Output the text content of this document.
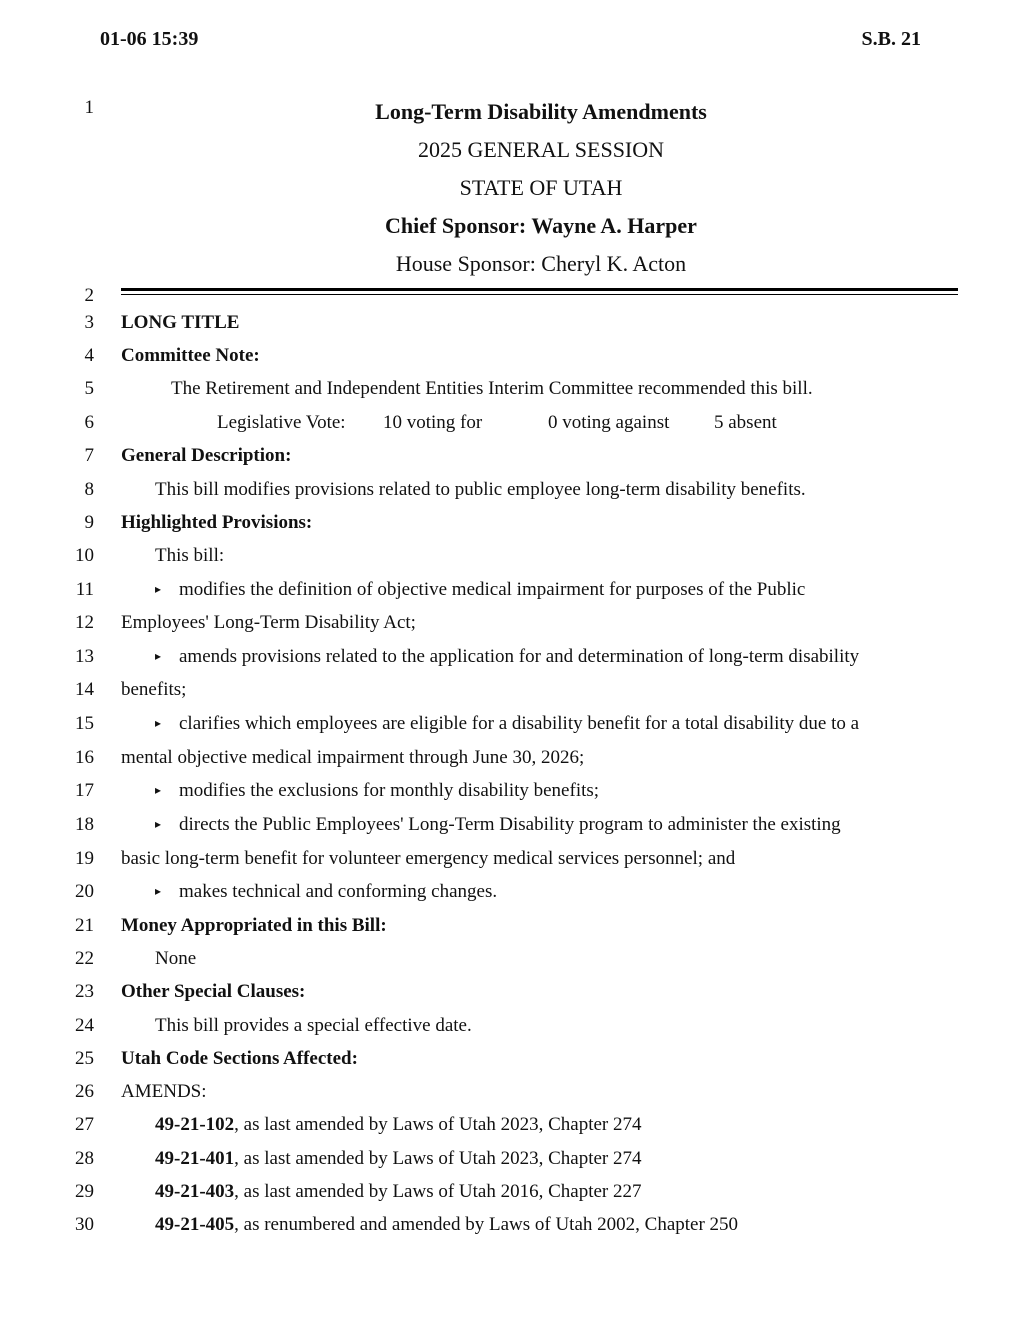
01-06 15:39	S.B. 21
1
2
3
4
5
6
7
8
9
10
11
12
13
14
15
16
17
18
19
20
21
22
23
24
25
26
27
28
29
30
Long-Term Disability Amendments
2025 GENERAL SESSION
STATE OF UTAH
Chief Sponsor: Wayne A. Harper
House Sponsor: Cheryl K. Acton
LONG TITLE
Committee Note:
The Retirement and Independent Entities Interim Committee recommended this bill.
Legislative Vote: 10 voting for	0 voting against 5 absent
General Description:
This bill modifies provisions related to public employee long-term disability benefits.
Highlighted Provisions:
This bill:
▸ modifies the definition of objective medical impairment for purposes of the Public
Employees' Long-Term Disability Act;
▸ amends provisions related to the application for and determination of long-term disability
benefits;
▸ clarifies which employees are eligible for a disability benefit for a total disability due to a
mental objective medical impairment through June 30, 2026;
▸ modifies the exclusions for monthly disability benefits;
▸ directs the Public Employees' Long-Term Disability program to administer the existing
basic long-term benefit for volunteer emergency medical services personnel; and
▸ makes technical and conforming changes.
Money Appropriated in this Bill:
None
Other Special Clauses:
This bill provides a special effective date.
Utah Code Sections Affected:
AMENDS:
49-21-102, as last amended by Laws of Utah 2023, Chapter 274
49-21-401, as last amended by Laws of Utah 2023, Chapter 274
49-21-403, as last amended by Laws of Utah 2016, Chapter 227
49-21-405, as renumbered and amended by Laws of Utah 2002, Chapter 250
